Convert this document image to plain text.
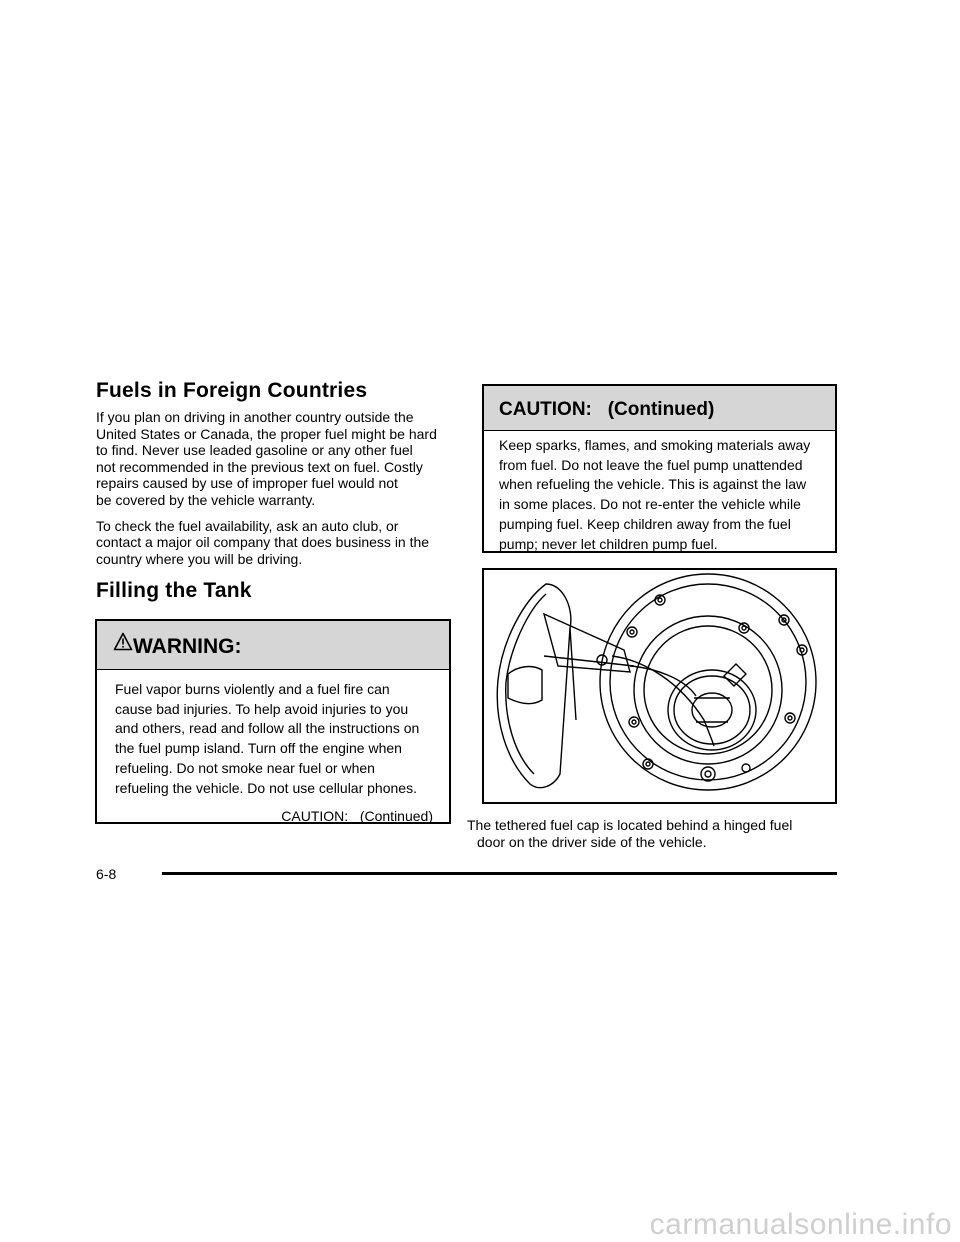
Fuels in Foreign Countries
If you plan on driving in another country outside the
United States or Canada, the proper fuel might be hard
to find. Never use leaded gasoline or any other fuel
not recommended in the previous text on fuel. Costly
repairs caused by use of improper fuel would not
be covered by the vehicle warranty.
To check the fuel availability, ask an auto club, or
contact a major oil company that does business in the
country where you will be driving.
Filling the Tank
WARNING:
Fuel vapor burns violently and a fuel fire can
cause bad injuries. To help avoid injuries to you
and others, read and follow all the instructions on
the fuel pump island. Turn off the engine when
refueling. Do not smoke near fuel or when
refueling the vehicle. Do not use cellular phones.
CAUTION:   (Continued)
CAUTION:   (Continued)
Keep sparks, flames, and smoking materials away
from fuel. Do not leave the fuel pump unattended
when refueling the vehicle. This is against the law
in some places. Do not re-enter the vehicle while
pumping fuel. Keep children away from the fuel
pump; never let children pump fuel.
The tethered fuel cap is located behind a hinged fuel
door on the driver side of the vehicle.
6-8
carmanualsonline.info
